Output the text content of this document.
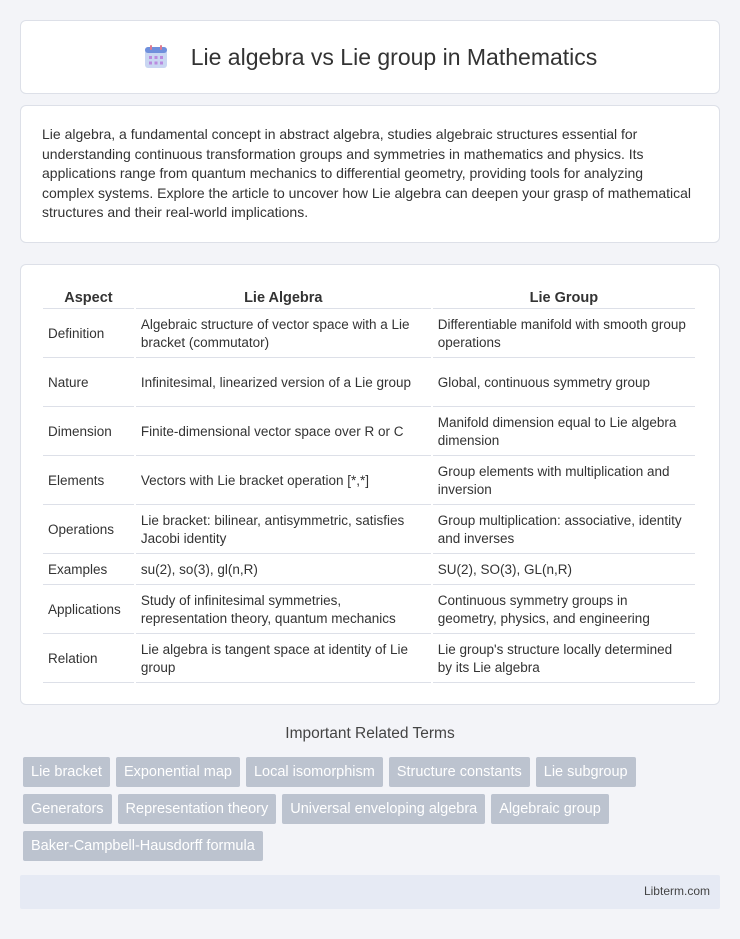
Lie algebra vs Lie group in Mathematics

Lie algebra, a fundamental concept in abstract algebra, studies algebraic structures essential for understanding continuous transformation groups and symmetries in mathematics and physics. Its applications range from quantum mechanics to differential geometry, providing tools for analyzing complex systems. Explore the article to uncover how Lie algebra can deepen your grasp of mathematical structures and their real-world implications.

Aspect	Lie Algebra	Lie Group
Definition	Algebraic structure of vector space with a Lie bracket (commutator)	Differentiable manifold with smooth group operations
Nature	Infinitesimal, linearized version of a Lie group	Global, continuous symmetry group
Dimension	Finite-dimensional vector space over R or C	Manifold dimension equal to Lie algebra dimension
Elements	Vectors with Lie bracket operation [*,*]	Group elements with multiplication and inversion
Operations	Lie bracket: bilinear, antisymmetric, satisfies Jacobi identity	Group multiplication: associative, identity and inverses
Examples	su(2), so(3), gl(n,R)	SU(2), SO(3), GL(n,R)
Applications	Study of infinitesimal symmetries, representation theory, quantum mechanics	Continuous symmetry groups in geometry, physics, and engineering
Relation	Lie algebra is tangent space at identity of Lie group	Lie group's structure locally determined by its Lie algebra
Important Related Terms
Lie bracket	Exponential map	Local isomorphism	Structure constants	Lie subgroup
Generators	Representation theory	Universal enveloping algebra	Algebraic group
Baker-Campbell-Hausdorff formula
Libterm.com
